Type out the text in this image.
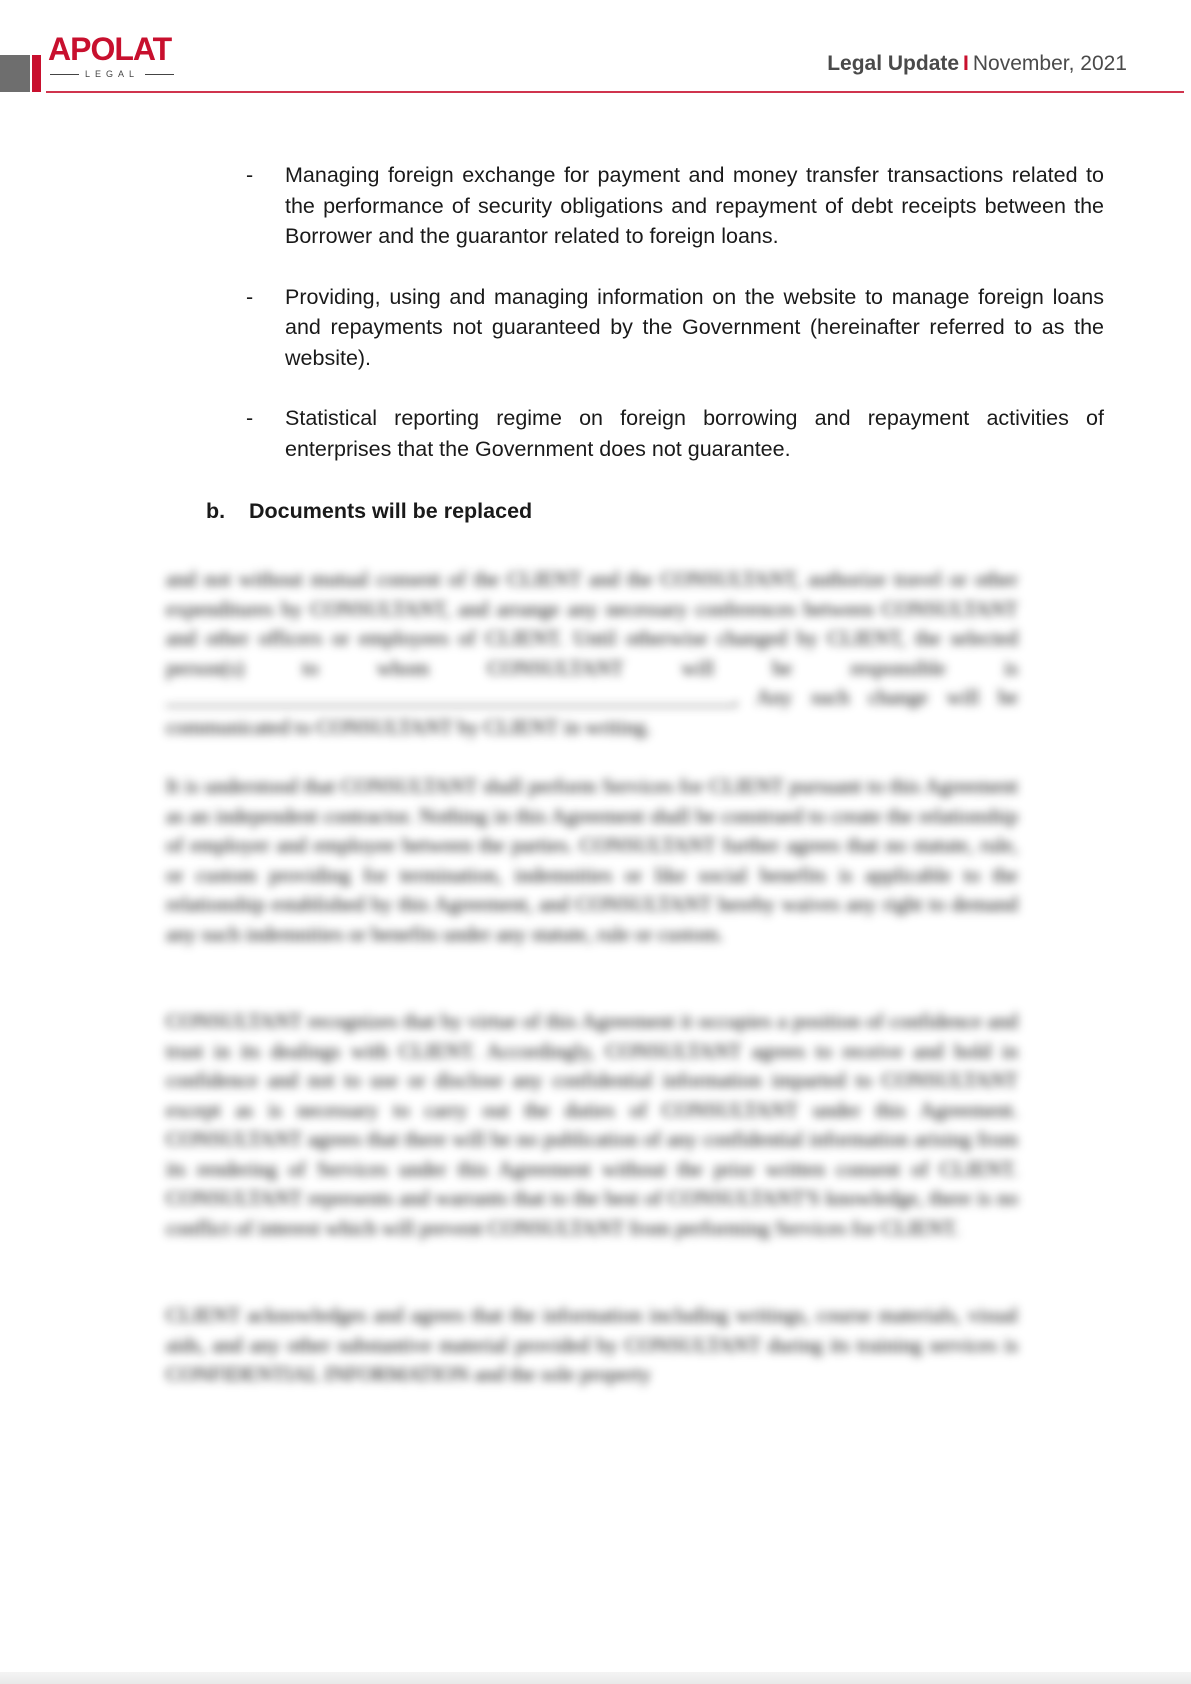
APOLAT
LEGAL	Legal Update I November, 2021
- Managing foreign exchange for payment and money transfer transactions related to the performance of security obligations and repayment of debt receipts between the Borrower and the guarantor related to foreign loans.
- Providing, using and managing information on the website to manage foreign loans and repayments not guaranteed by the Government (hereinafter referred to as the website).
- Statistical reporting regime on foreign borrowing and repayment activities of enterprises that the Government does not guarantee.
b. Documents will be replaced

and not without mutual consent of the CLIENT and the CONSULTANT, authorize travel or other expenditures by CONSULTANT, and arrange any necessary conferences between CONSULTANT and other officers or employees of CLIENT. Until otherwise changed by CLIENT, the selected person(s) to whom CONSULTANT will be responsible is ______________________________________________________, Any such change will be communicated to CONSULTANT by CLIENT in writing.

It is understood that CONSULTANT shall perform Services for CLIENT pursuant to this Agreement as an independent contractor. Nothing in this Agreement shall be construed to create the relationship of employer and employee between the parties. CONSULTANT further agrees that no statute, rule, or custom providing for termination, indemnities or like social benefits is applicable to the relationship established by this Agreement, and CONSULTANT hereby waives any right to demand any such indemnities or benefits under any statute, rule or custom.

CONSULTANT recognizes that by virtue of this Agreement it occupies a position of confidence and trust in its dealings with CLIENT. Accordingly, CONSULTANT agrees to receive and hold in confidence and not to use or disclose any confidential information imparted to CONSULTANT except as is necessary to carry out the duties of CONSULTANT under this Agreement. CONSULTANT agrees that there will be no publication of any confidential information arising from its rendering of Services under this Agreement without the prior written consent of CLIENT. CONSULTANT represents and warrants that to the best of CONSULTANT'S knowledge, there is no conflict of interest which will prevent CONSULTANT from performing Services for CLIENT.

CLIENT acknowledges and agrees that the information including writings, course materials, visual aids, and any other substantive material provided by CONSULTANT during its training services is CONFIDENTIAL INFORMATION and the sole property
